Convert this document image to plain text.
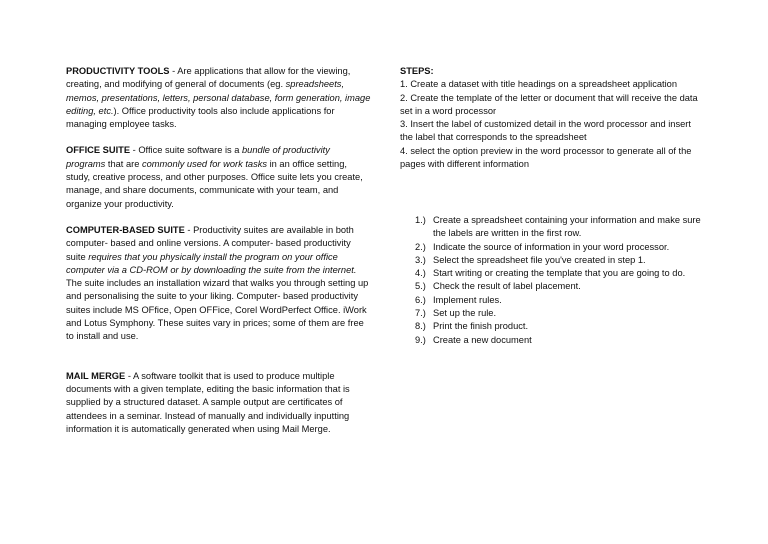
PRODUCTIVITY TOOLS - Are applications that allow for the viewing, creating, and modifying of general of documents (eg. spreadsheets, memos, presentations, letters, personal database, form generation, image editing, etc.). Office productivity tools also include applications for managing employee tasks.

OFFICE SUITE - Office suite software is a bundle of productivity programs that are commonly used for work tasks in an office setting, study, creative process, and other purposes. Office suite lets you create, manage, and share documents, communicate with your team, and organize your productivity.

COMPUTER-BASED SUITE - Productivity suites are available in both computer- based and online versions. A computer- based productivity suite requires that you physically install the program on your office computer via a CD-ROM or by downloading the suite from the internet. The suite includes an installation wizard that walks you through setting up and personalising the suite to your liking. Computer- based productivity suites include MS OFfice, Open OFFice, Corel WordPerfect Office. iWork and Lotus Symphony. These suites vary in prices; some of them are free to install and use.

MAIL MERGE - A software toolkit that is used to produce multiple documents with a given template, editing the basic information that is supplied by a structured dataset. A sample output are certificates of attendees in a seminar. Instead of manually and individually inputting information it is automatically generated when using Mail Merge.

STEPS:
1. Create a dataset with title headings on a spreadsheet application
2. Create the template of the letter or document that will receive the data set in a word processor
3. Insert the label of customized detail in the word processor and insert the label that corresponds to the spreadsheet
4. select the option preview in the word processor to generate all of the pages with different information
1.) Create a spreadsheet containing your information and make sure the labels are written in the first row.
2.) Indicate the source of information in your word processor.
3.) Select the spreadsheet file you've created in step 1.
4.) Start writing or creating the template that you are going to do.
5.) Check the result of label placement.
6.) Implement rules.
7.) Set up the rule.
8.) Print the finish product.
9.) Create a new document
